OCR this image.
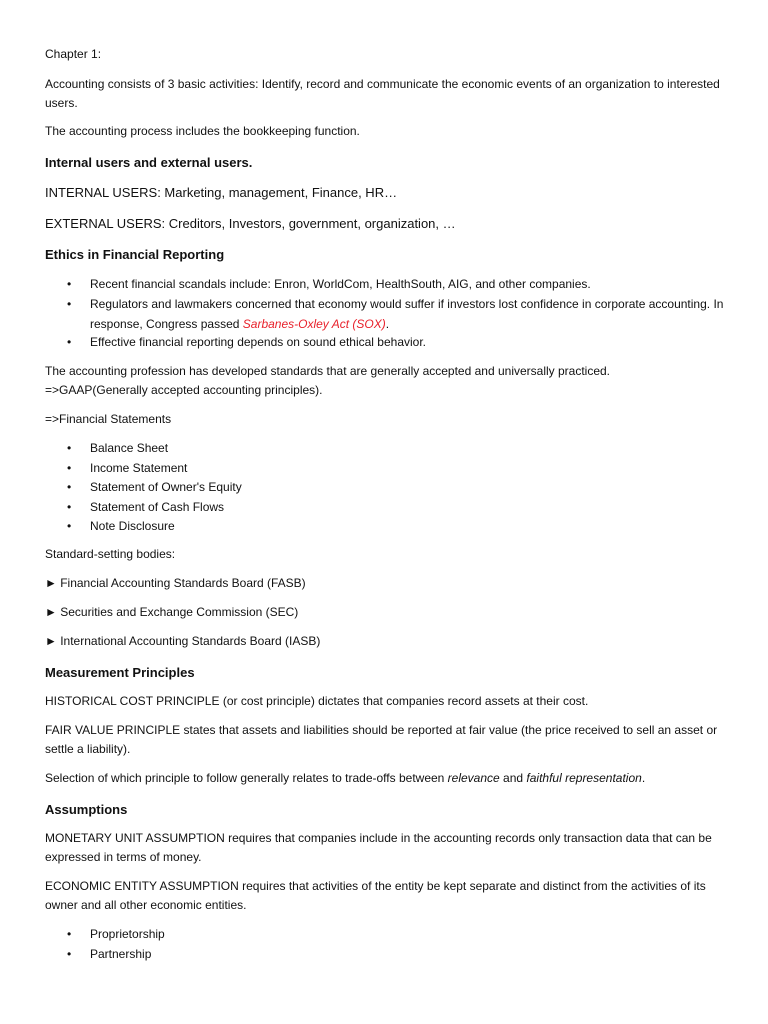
Chapter 1:
Accounting consists of 3 basic activities: Identify, record and communicate the economic events of an organization to interested users.
The accounting process includes the bookkeeping function.
Internal users and external users.
INTERNAL USERS: Marketing, management, Finance, HR…
EXTERNAL USERS: Creditors, Investors, government, organization, …
Ethics in Financial Reporting
• Recent financial scandals include: Enron, WorldCom, HealthSouth, AIG, and other companies.
• Regulators and lawmakers concerned that economy would suffer if investors lost confidence in corporate accounting. In response, Congress passed Sarbanes-Oxley Act (SOX).
• Effective financial reporting depends on sound ethical behavior.
The accounting profession has developed standards that are generally accepted and universally practiced.
=>GAAP(Generally accepted accounting principles).
=>Financial Statements
• Balance Sheet
• Income Statement
• Statement of Owner's Equity
• Statement of Cash Flows
• Note Disclosure
Standard-setting bodies:
► Financial Accounting Standards Board (FASB)
► Securities and Exchange Commission (SEC)
► International Accounting Standards Board (IASB)
Measurement Principles
HISTORICAL COST PRINCIPLE (or cost principle) dictates that companies record assets at their cost.
FAIR VALUE PRINCIPLE states that assets and liabilities should be reported at fair value (the price received to sell an asset or settle a liability).
Selection of which principle to follow generally relates to trade-offs between relevance and faithful representation.
Assumptions
MONETARY UNIT ASSUMPTION requires that companies include in the accounting records only transaction data that can be expressed in terms of money.
ECONOMIC ENTITY ASSUMPTION requires that activities of the entity be kept separate and distinct from the activities of its owner and all other economic entities.
• Proprietorship
• Partnership
